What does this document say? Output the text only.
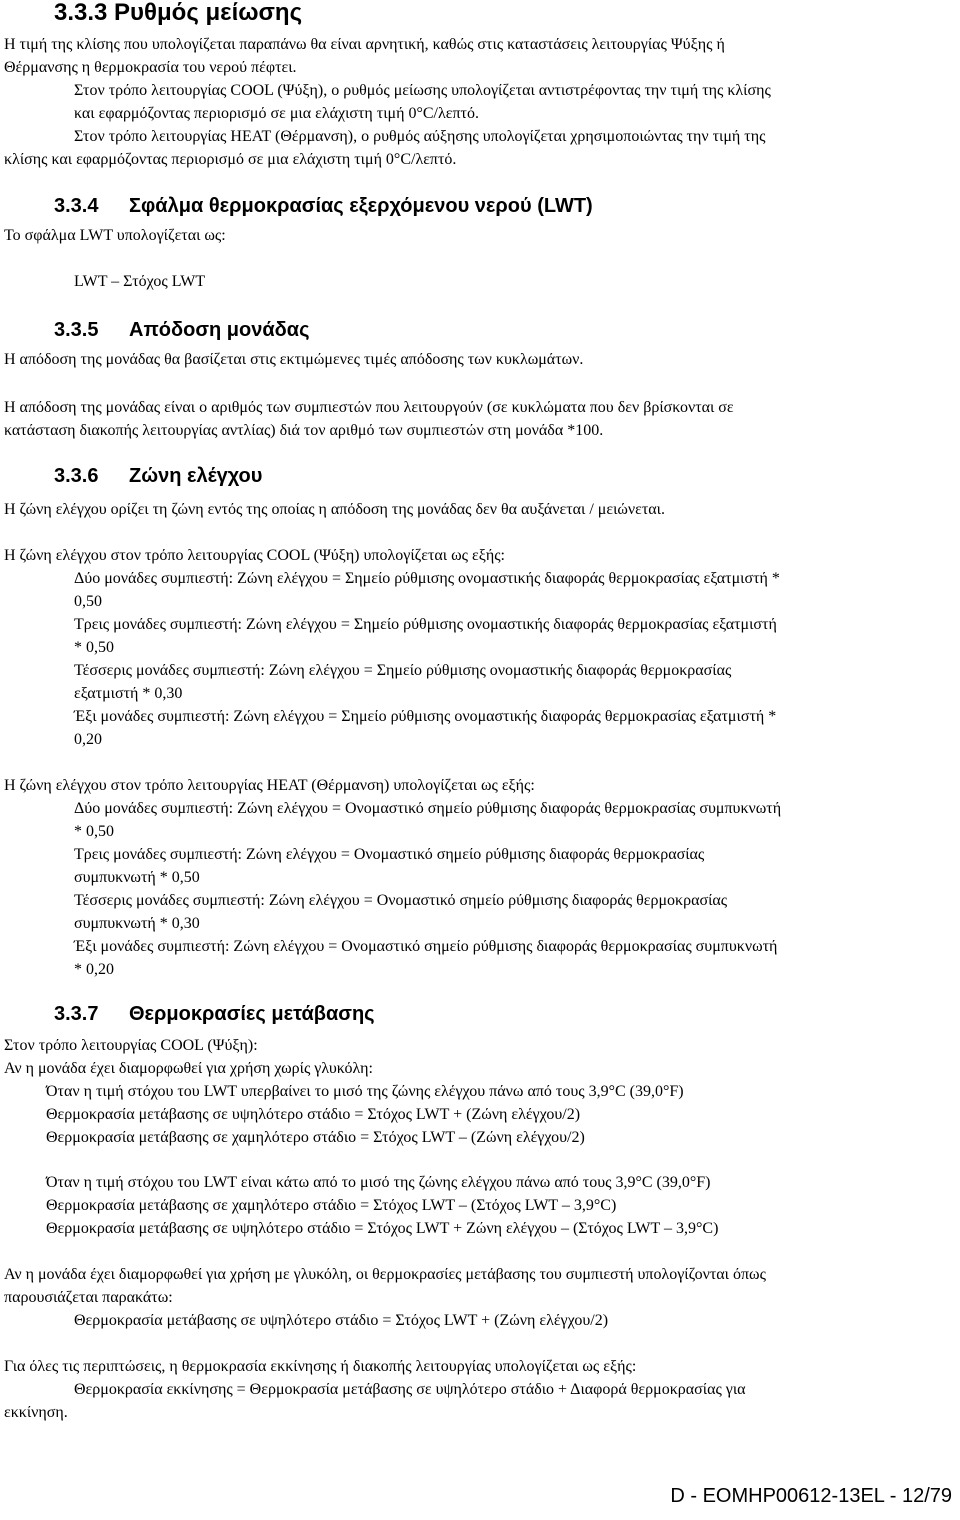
3.3.3 Ρυθμός μείωσης
Η τιμή της κλίσης που υπολογίζεται παραπάνω θα είναι αρνητική, καθώς στις καταστάσεις λειτουργίας Ψύξης ή
Θέρμανσης η θερμοκρασία του νερού πέφτει.
Στον τρόπο λειτουργίας COOL (Ψύξη), ο ρυθμός μείωσης υπολογίζεται αντιστρέφοντας την τιμή της κλίσης
και εφαρμόζοντας περιορισμό σε μια ελάχιστη τιμή 0°C/λεπτό.
Στον τρόπο λειτουργίας HEAT (Θέρμανση), ο ρυθμός αύξησης υπολογίζεται χρησιμοποιώντας την τιμή της
κλίσης και εφαρμόζοντας περιορισμό σε μια ελάχιστη τιμή 0°C/λεπτό.
3.3.4 Σφάλμα θερμοκρασίας εξερχόμενου νερού (LWT)
Το σφάλμα LWT υπολογίζεται ως:
LWT – Στόχος LWT
3.3.5 Απόδοση μονάδας
Η απόδοση της μονάδας θα βασίζεται στις εκτιμώμενες τιμές απόδοσης των κυκλωμάτων.
Η απόδοση της μονάδας είναι ο αριθμός των συμπιεστών που λειτουργούν (σε κυκλώματα που δεν βρίσκονται σε
κατάσταση διακοπής λειτουργίας αντλίας) διά τον αριθμό των συμπιεστών στη μονάδα *100.
3.3.6 Ζώνη ελέγχου
Η ζώνη ελέγχου ορίζει τη ζώνη εντός της οποίας η απόδοση της μονάδας δεν θα αυξάνεται / μειώνεται.
Η ζώνη ελέγχου στον τρόπο λειτουργίας COOL (Ψύξη) υπολογίζεται ως εξής:
Δύο μονάδες συμπιεστή: Ζώνη ελέγχου = Σημείο ρύθμισης ονομαστικής διαφοράς θερμοκρασίας εξατμιστή *
0,50
Τρεις μονάδες συμπιεστή: Ζώνη ελέγχου = Σημείο ρύθμισης ονομαστικής διαφοράς θερμοκρασίας εξατμιστή
* 0,50
Τέσσερις μονάδες συμπιεστή: Ζώνη ελέγχου = Σημείο ρύθμισης ονομαστικής διαφοράς θερμοκρασίας
εξατμιστή * 0,30
Έξι μονάδες συμπιεστή: Ζώνη ελέγχου = Σημείο ρύθμισης ονομαστικής διαφοράς θερμοκρασίας εξατμιστή *
0,20
Η ζώνη ελέγχου στον τρόπο λειτουργίας HEAT (Θέρμανση) υπολογίζεται ως εξής:
Δύο μονάδες συμπιεστή: Ζώνη ελέγχου = Ονομαστικό σημείο ρύθμισης διαφοράς θερμοκρασίας συμπυκνωτή
* 0,50
Τρεις μονάδες συμπιεστή: Ζώνη ελέγχου = Ονομαστικό σημείο ρύθμισης διαφοράς θερμοκρασίας
συμπυκνωτή * 0,50
Τέσσερις μονάδες συμπιεστή: Ζώνη ελέγχου = Ονομαστικό σημείο ρύθμισης διαφοράς θερμοκρασίας
συμπυκνωτή * 0,30
Έξι μονάδες συμπιεστή: Ζώνη ελέγχου = Ονομαστικό σημείο ρύθμισης διαφοράς θερμοκρασίας συμπυκνωτή
* 0,20
3.3.7 Θερμοκρασίες μετάβασης
Στον τρόπο λειτουργίας COOL (Ψύξη):
Αν η μονάδα έχει διαμορφωθεί για χρήση χωρίς γλυκόλη:
Όταν η τιμή στόχου του LWT υπερβαίνει το μισό της ζώνης ελέγχου πάνω από τους 3,9°C (39,0°F)
Θερμοκρασία μετάβασης σε υψηλότερο στάδιο = Στόχος LWT + (Ζώνη ελέγχου/2)
Θερμοκρασία μετάβασης σε χαμηλότερο στάδιο = Στόχος LWT – (Ζώνη ελέγχου/2)
Όταν η τιμή στόχου του LWT είναι κάτω από το μισό της ζώνης ελέγχου πάνω από τους 3,9°C (39,0°F)
Θερμοκρασία μετάβασης σε χαμηλότερο στάδιο = Στόχος LWT – (Στόχος LWT – 3,9°C)
Θερμοκρασία μετάβασης σε υψηλότερο στάδιο = Στόχος LWT + Ζώνη ελέγχου – (Στόχος LWT – 3,9°C)
Αν η μονάδα έχει διαμορφωθεί για χρήση με γλυκόλη, οι θερμοκρασίες μετάβασης του συμπιεστή υπολογίζονται όπως
παρουσιάζεται παρακάτω:
Θερμοκρασία μετάβασης σε υψηλότερο στάδιο = Στόχος LWT + (Ζώνη ελέγχου/2)
Για όλες τις περιπτώσεις, η θερμοκρασία εκκίνησης ή διακοπής λειτουργίας υπολογίζεται ως εξής:
Θερμοκρασία εκκίνησης = Θερμοκρασία μετάβασης σε υψηλότερο στάδιο + Διαφορά θερμοκρασίας για
εκκίνηση.
D - EOMHP00612-13EL - 12/79
